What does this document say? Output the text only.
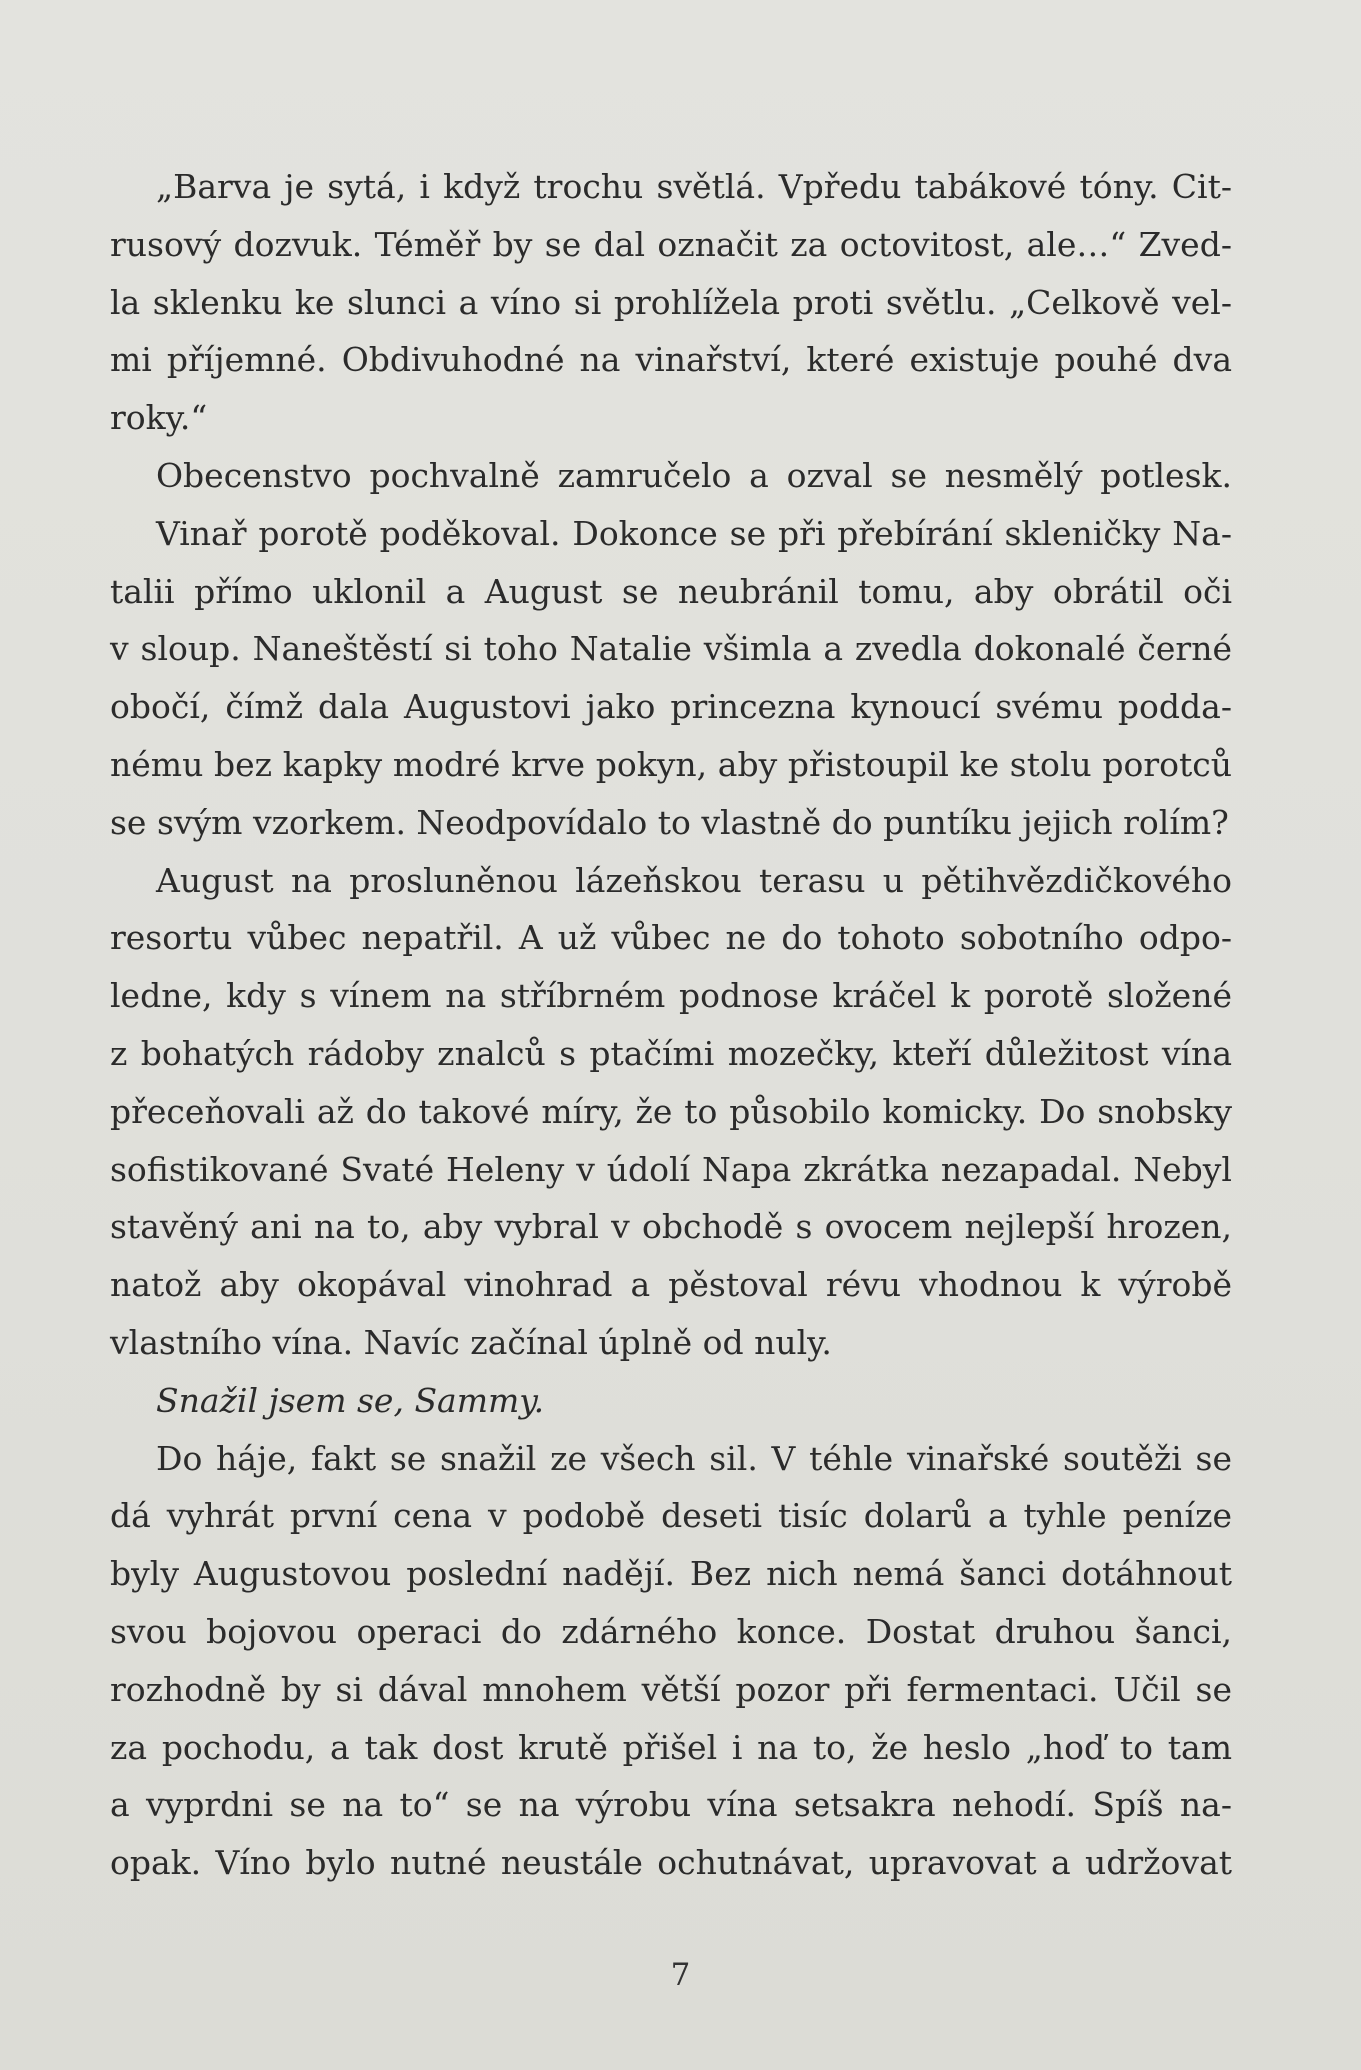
„Barva je sytá, i když trochu světlá. Vpředu tabákové tóny. Cit-
rusový dozvuk. Téměř by se dal označit za octovitost, ale…“ Zved-
la sklenku ke slunci a víno si prohlížela proti světlu. „Celkově vel-
mi příjemné. Obdivuhodné na vinařství, které existuje pouhé dva
roky.“
Obecenstvo pochvalně zamručelo a ozval se nesmělý potlesk.
Vinař porotě poděkoval. Dokonce se při přebírání skleničky Na-
talii přímo uklonil a August se neubránil tomu, aby obrátil oči
v sloup. Naneštěstí si toho Natalie všimla a zvedla dokonalé černé
obočí, čímž dala Augustovi jako princezna kynoucí svému podda-
nému bez kapky modré krve pokyn, aby přistoupil ke stolu porotců
se svým vzorkem. Neodpovídalo to vlastně do puntíku jejich rolím?
August na prosluněnou lázeňskou terasu u pětihvězdičkového
resortu vůbec nepatřil. A už vůbec ne do tohoto sobotního odpo-
ledne, kdy s vínem na stříbrném podnose kráčel k porotě složené
z bohatých rádoby znalců s ptačími mozečky, kteří důležitost vína
přeceňovali až do takové míry, že to působilo komicky. Do snobsky
sofistikované Svaté Heleny v údolí Napa zkrátka nezapadal. Nebyl
stavěný ani na to, aby vybral v obchodě s ovocem nejlepší hrozen,
natož aby okopával vinohrad a pěstoval révu vhodnou k výrobě
vlastního vína. Navíc začínal úplně od nuly.
Snažil jsem se, Sammy.
Do háje, fakt se snažil ze všech sil. V téhle vinařské soutěži se
dá vyhrát první cena v podobě deseti tisíc dolarů a tyhle peníze
byly Augustovou poslední nadějí. Bez nich nemá šanci dotáhnout
svou bojovou operaci do zdárného konce. Dostat druhou šanci,
rozhodně by si dával mnohem větší pozor při fermentaci. Učil se
za pochodu, a tak dost krutě přišel i na to, že heslo „hoď to tam
a vyprdni se na to“ se na výrobu vína setsakra nehodí. Spíš na-
opak. Víno bylo nutné neustále ochutnávat, upravovat a udržovat
7
